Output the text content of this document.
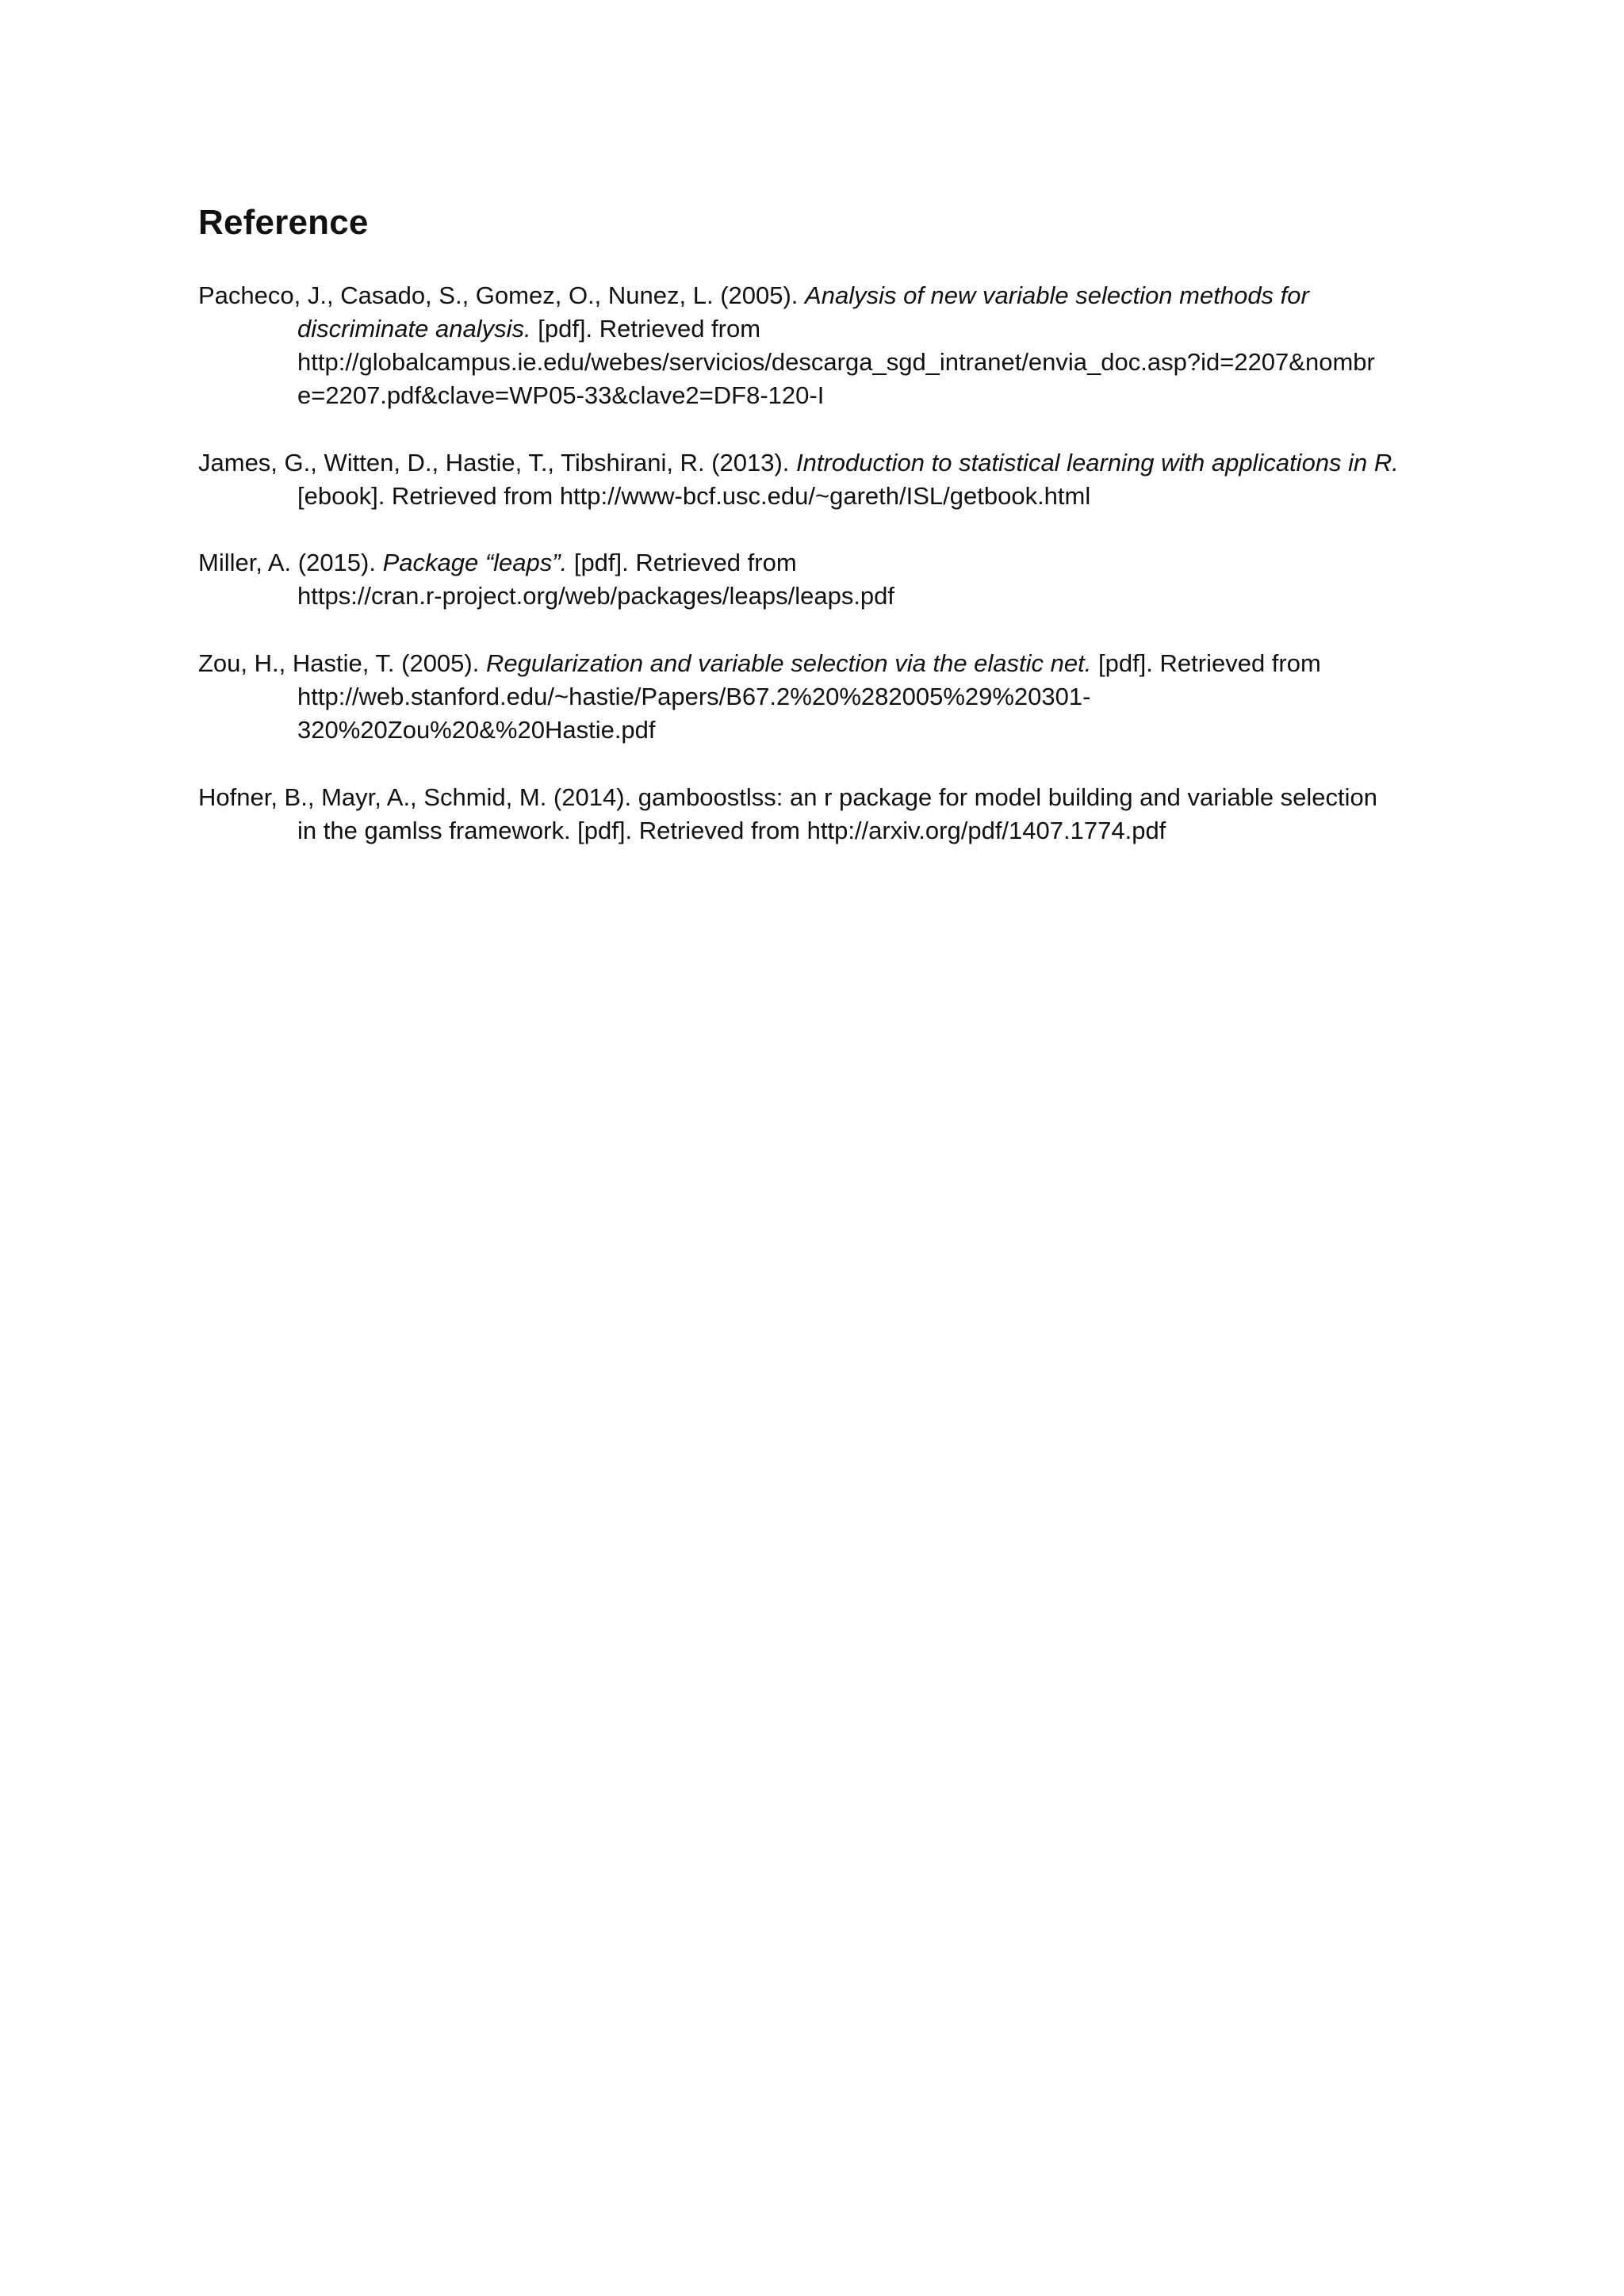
Reference
Pacheco, J., Casado, S., Gomez, O., Nunez, L. (2005). Analysis of new variable selection methods for
discriminate analysis. [pdf]. Retrieved from
http://globalcampus.ie.edu/webes/servicios/descarga_sgd_intranet/envia_doc.asp?id=2207&nombr
e=2207.pdf&clave=WP05-33&clave2=DF8-120-I
James, G., Witten, D., Hastie, T., Tibshirani, R. (2013). Introduction to statistical learning with applications in R.
[ebook]. Retrieved from http://www-bcf.usc.edu/~gareth/ISL/getbook.html
Miller, A. (2015). Package “leaps”. [pdf]. Retrieved from
https://cran.r-project.org/web/packages/leaps/leaps.pdf
Zou, H., Hastie, T. (2005). Regularization and variable selection via the elastic net. [pdf]. Retrieved from
http://web.stanford.edu/~hastie/Papers/B67.2%20%282005%29%20301-
320%20Zou%20&%20Hastie.pdf
Hofner, B., Mayr, A., Schmid, M. (2014). gamboostlss: an r package for model building and variable selection
in the gamlss framework. [pdf]. Retrieved from http://arxiv.org/pdf/1407.1774.pdf
